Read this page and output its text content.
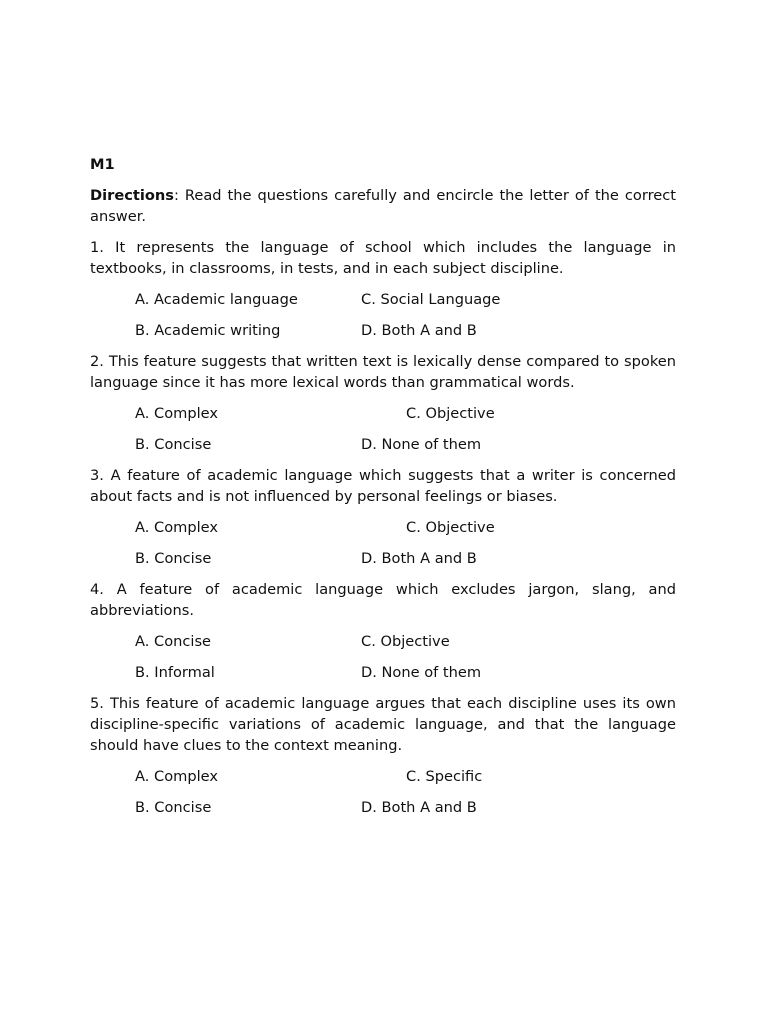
M1
Directions: Read the questions carefully and encircle the letter of the correct answer.
1. It represents the language of school which includes the language in textbooks, in classrooms, in tests, and in each subject discipline.
A. Academic language	C. Social Language
B. Academic writing	D. Both A and B
2. This feature suggests that written text is lexically dense compared to spoken language since it has more lexical words than grammatical words.
A. Complex	C. Objective
B. Concise	D. None of them
3. A feature of academic language which suggests that a writer is concerned about facts and is not influenced by personal feelings or biases.
A. Complex	C. Objective
B. Concise	D. Both A and B
4. A feature of academic language which excludes jargon, slang, and abbreviations.
A. Concise	C. Objective
B. Informal	D. None of them
5. This feature of academic language argues that each discipline uses its own discipline-specific variations of academic language, and that the language should have clues to the context meaning.
A. Complex	C. Specific
B. Concise	D. Both A and B
